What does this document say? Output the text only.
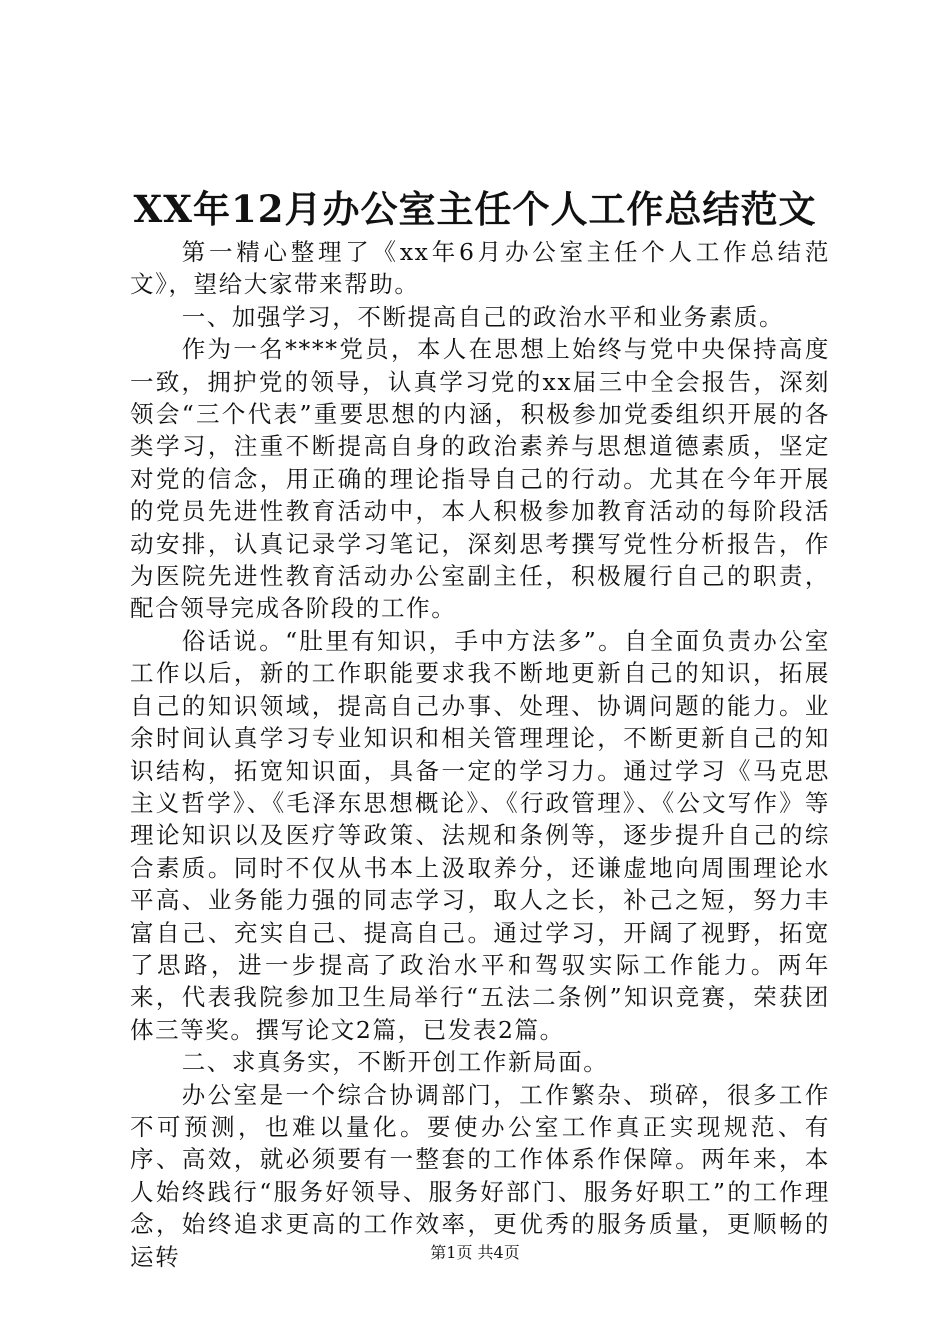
XX年12月办公室主任个人工作总结范文

第一精心整理了《xx年6月办公室主任个人工作总结范文》，望给大家带来帮助。

一、加强学习，不断提高自己的政治水平和业务素质。

作为一名****党员，本人在思想上始终与党中央保持高度一致，拥护党的领导，认真学习党的xx届三中全会报告，深刻领会“三个代表”重要思想的内涵，积极参加党委组织开展的各类学习，注重不断提高自身的政治素养与思想道德素质，坚定对党的信念，用正确的理论指导自己的行动。尤其在今年开展的党员先进性教育活动中，本人积极参加教育活动的每阶段活动安排，认真记录学习笔记，深刻思考撰写党性分析报告，作为医院先进性教育活动办公室副主任，积极履行自己的职责，配合领导完成各阶段的工作。

俗话说。“肚里有知识，手中方法多”。自全面负责办公室工作以后，新的工作职能要求我不断地更新自己的知识，拓展自己的知识领域，提高自己办事、处理、协调问题的能力。业余时间认真学习专业知识和相关管理理论，不断更新自己的知识结构，拓宽知识面，具备一定的学习力。通过学习《马克思主义哲学》、《毛泽东思想概论》、《行政管理》、《公文写作》等理论知识以及医疗等政策、法规和条例等，逐步提升自己的综合素质。同时不仅从书本上汲取养分，还谦虚地向周围理论水平高、业务能力强的同志学习，取人之长，补己之短，努力丰富自己、充实自己、提高自己。通过学习，开阔了视野，拓宽了思路，进一步提高了政治水平和驾驭实际工作能力。两年来，代表我院参加卫生局举行“五法二条例”知识竞赛，荣获团体三等奖。撰写论文2篇，已发表2篇。

二、求真务实，不断开创工作新局面。

办公室是一个综合协调部门，工作繁杂、琐碎，很多工作不可预测，也难以量化。要使办公室工作真正实现规范、有序、高效，就必须要有一整套的工作体系作保障。两年来，本人始终践行“服务好领导、服务好部门、服务好职工”的工作理念，始终追求更高的工作效率，更优秀的服务质量，更顺畅的运转	第1页 共4页
